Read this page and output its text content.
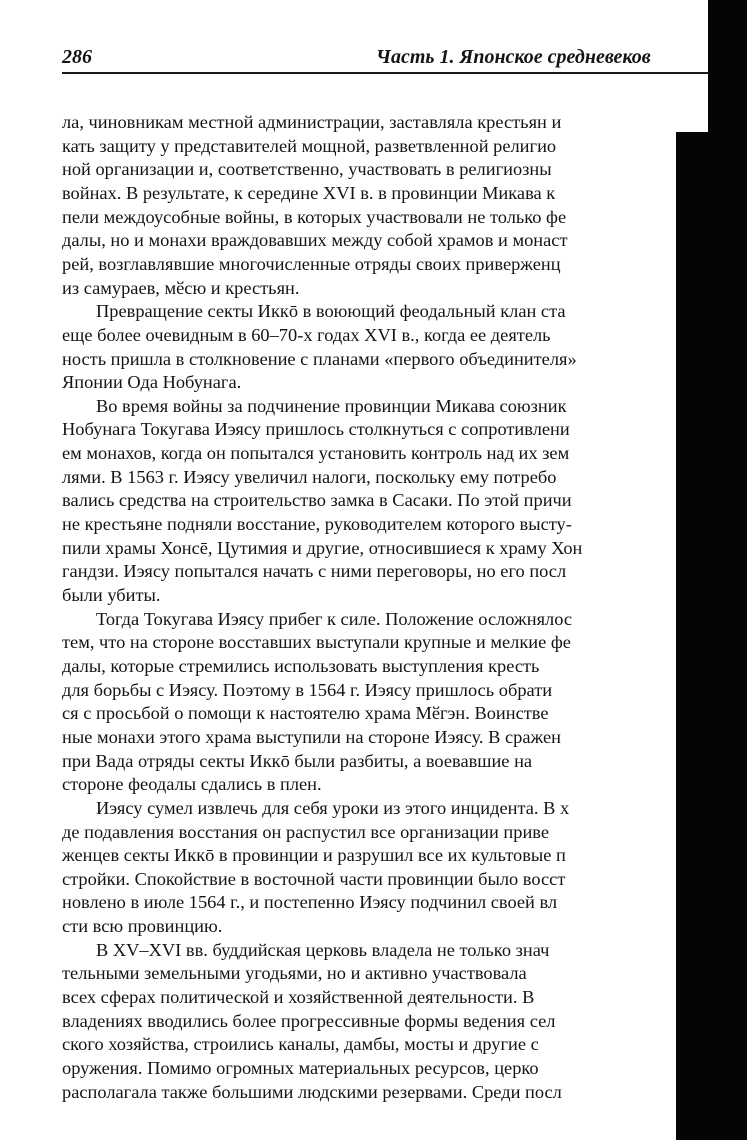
286	Часть 1. Японское средневеков
ла, чиновникам местной администрации, заставляла крестьян и
кать защиту у представителей мощной, разветвленной религио
ной организации и, соответственно, участвовать в религиозны
войнах. В результате, к середине XVI в. в провинции Микава к
пели междоусобные войны, в которых участвовали не только фе
далы, но и монахи враждовавших между собой храмов и монаст
рей, возглавлявшие многочисленные отряды своих приверженц
из самураев, мӗсю и крестьян.
Превращение секты Иккō в воюющий феодальный клан ста
еще более очевидным в 60–70-х годах XVI в., когда ее деятель
ность пришла в столкновение с планами «первого объединителя»
Японии Ода Нобунага.
Во время войны за подчинение провинции Микава союзник
Нобунага Токугава Иэясу пришлось столкнуться с сопротивлени
ем монахов, когда он попытался установить контроль над их зем
лями. В 1563 г. Иэясу увеличил налоги, поскольку ему потребо
вались средства на строительство замка в Сасаки. По этой причи
не крестьяне подняли восстание, руководителем которого высту-
пили храмы Хонсē, Цутимия и другие, относившиеся к храму Хон
гандзи. Иэясу попытался начать с ними переговоры, но его посл
были убиты.
Тогда Токугава Иэясу прибег к силе. Положение осложнялос
тем, что на стороне восставших выступали крупные и мелкие фе
далы, которые стремились использовать выступления кресть
для борьбы с Иэясу. Поэтому в 1564 г. Иэясу пришлось обрати
ся с просьбой о помощи к настоятелю храма Мӗгэн. Воинстве
ные монахи этого храма выступили на стороне Иэясу. В сражен
при Вада отряды секты Иккō были разбиты, а воевавшие на
стороне феодалы сдались в плен.
Иэясу сумел извлечь для себя уроки из этого инцидента. В х
де подавления восстания он распустил все организации приве
женцев секты Иккō в провинции и разрушил все их культовые п
стройки. Спокойствие в восточной части провинции было восст
новлено в июле 1564 г., и постепенно Иэясу подчинил своей вл
сти всю провинцию.
В XV–XVI вв. буддийская церковь владела не только знач
тельными земельными угодьями, но и активно участвовала
всех сферах политической и хозяйственной деятельности. В
владениях вводились более прогрессивные формы ведения сел
ского хозяйства, строились каналы, дамбы, мосты и другие с
оружения. Помимо огромных материальных ресурсов, церко
располагала также большими людскими резервами. Среди посл
